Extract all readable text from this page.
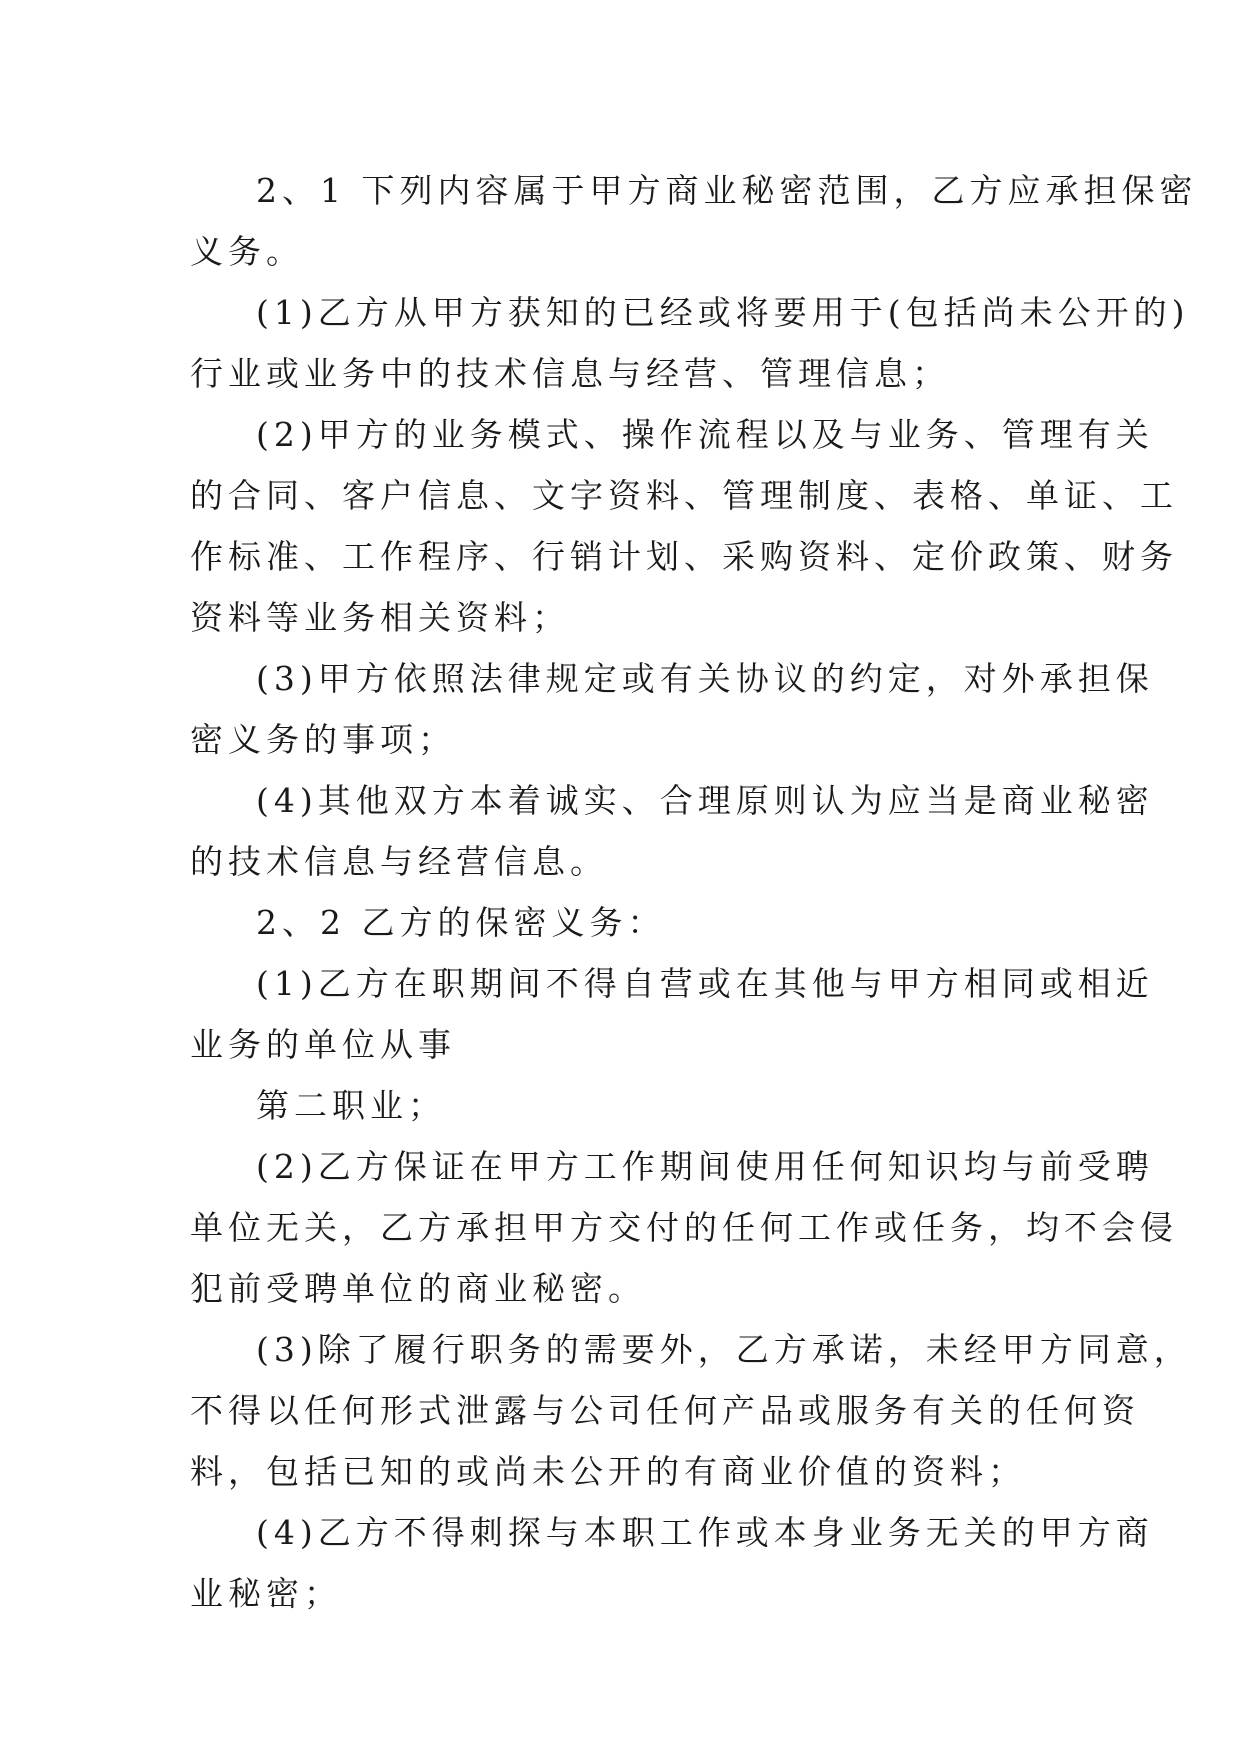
2、1 下列内容属于甲方商业秘密范围，乙方应承担保密
义务。

(1)乙方从甲方获知的已经或将要用于(包括尚未公开的)
行业或业务中的技术信息与经营、管理信息；

(2)甲方的业务模式、操作流程以及与业务、管理有关
的合同、客户信息、文字资料、管理制度、表格、单证、工
作标准、工作程序、行销计划、采购资料、定价政策、财务
资料等业务相关资料；

(3)甲方依照法律规定或有关协议的约定，对外承担保
密义务的事项；

(4)其他双方本着诚实、合理原则认为应当是商业秘密
的技术信息与经营信息。

2、2 乙方的保密义务：

(1)乙方在职期间不得自营或在其他与甲方相同或相近
业务的单位从事

第二职业；

(2)乙方保证在甲方工作期间使用任何知识均与前受聘
单位无关，乙方承担甲方交付的任何工作或任务，均不会侵
犯前受聘单位的商业秘密。

(3)除了履行职务的需要外，乙方承诺，未经甲方同意，
不得以任何形式泄露与公司任何产品或服务有关的任何资
料，包括已知的或尚未公开的有商业价值的资料；

(4)乙方不得刺探与本职工作或本身业务无关的甲方商
业秘密；
